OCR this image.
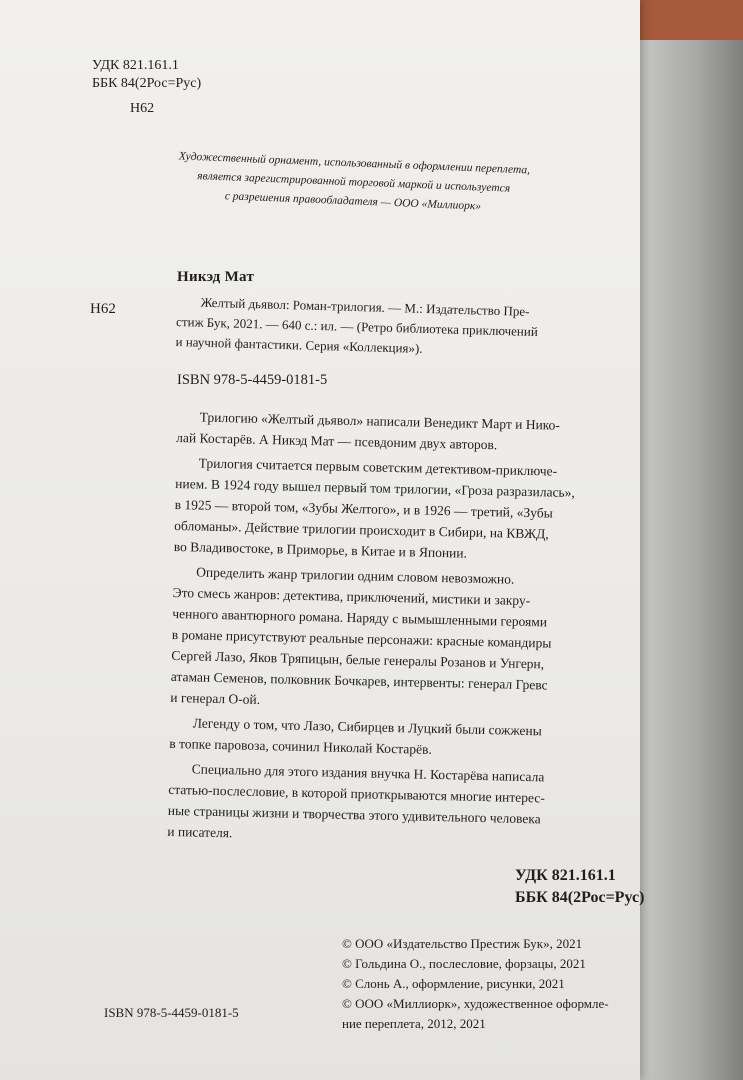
УДК 821.161.1
ББК 84(2Рос=Рус)
Н62
Художественный орнамент, использованный в оформлении переплета,
является зарегистрированной торговой маркой и используется
с разрешения правообладателя — ООО «Миллиорк»
Никэд Мат
Н62	Желтый дьявол: Роман-трилогия. — М.: Издательство Пре-
стиж Бук, 2021. — 640 с.: ил. — (Ретро библиотека приключений
и научной фантастики. Серия «Коллекция»).
ISBN 978-5-4459-0181-5
Трилогию «Желтый дьявол» написали Венедикт Март и Нико-
лай Костарёв. А Никэд Мат — псевдоним двух авторов.
Трилогия считается первым советским детективом-приключе-
нием. В 1924 году вышел первый том трилогии, «Гроза разразилась»,
в 1925 — второй том, «Зубы Желтого», и в 1926 — третий, «Зубы
обломаны». Действие трилогии происходит в Сибири, на КВЖД,
во Владивостоке, в Приморье, в Китае и в Японии.
Определить жанр трилогии одним словом невозможно.
Это смесь жанров: детектива, приключений, мистики и закру-
ченного авантюрного романа. Наряду с вымышленными героями
в романе присутствуют реальные персонажи: красные командиры
Сергей Лазо, Яков Тряпицын, белые генералы Розанов и Унгерн,
атаман Семенов, полковник Бочкарев, интервенты: генерал Гревс
и генерал О-ой.
Легенду о том, что Лазо, Сибирцев и Луцкий были сожжены
в топке паровоза, сочинил Николай Костарёв.
Специально для этого издания внучка Н. Костарёва написала
статью-послесловие, в которой приоткрываются многие интерес-
ные страницы жизни и творчества этого удивительного человека
и писателя.
УДК 821.161.1
ББК 84(2Рос=Рус)
© ООО «Издательство Престиж Бук», 2021
© Гольдина О., послесловие, форзацы, 2021
© Слонь А., оформление, рисунки, 2021
© ООО «Миллиорк», художественное оформле-
ние переплета, 2012, 2021
ISBN 978-5-4459-0181-5
